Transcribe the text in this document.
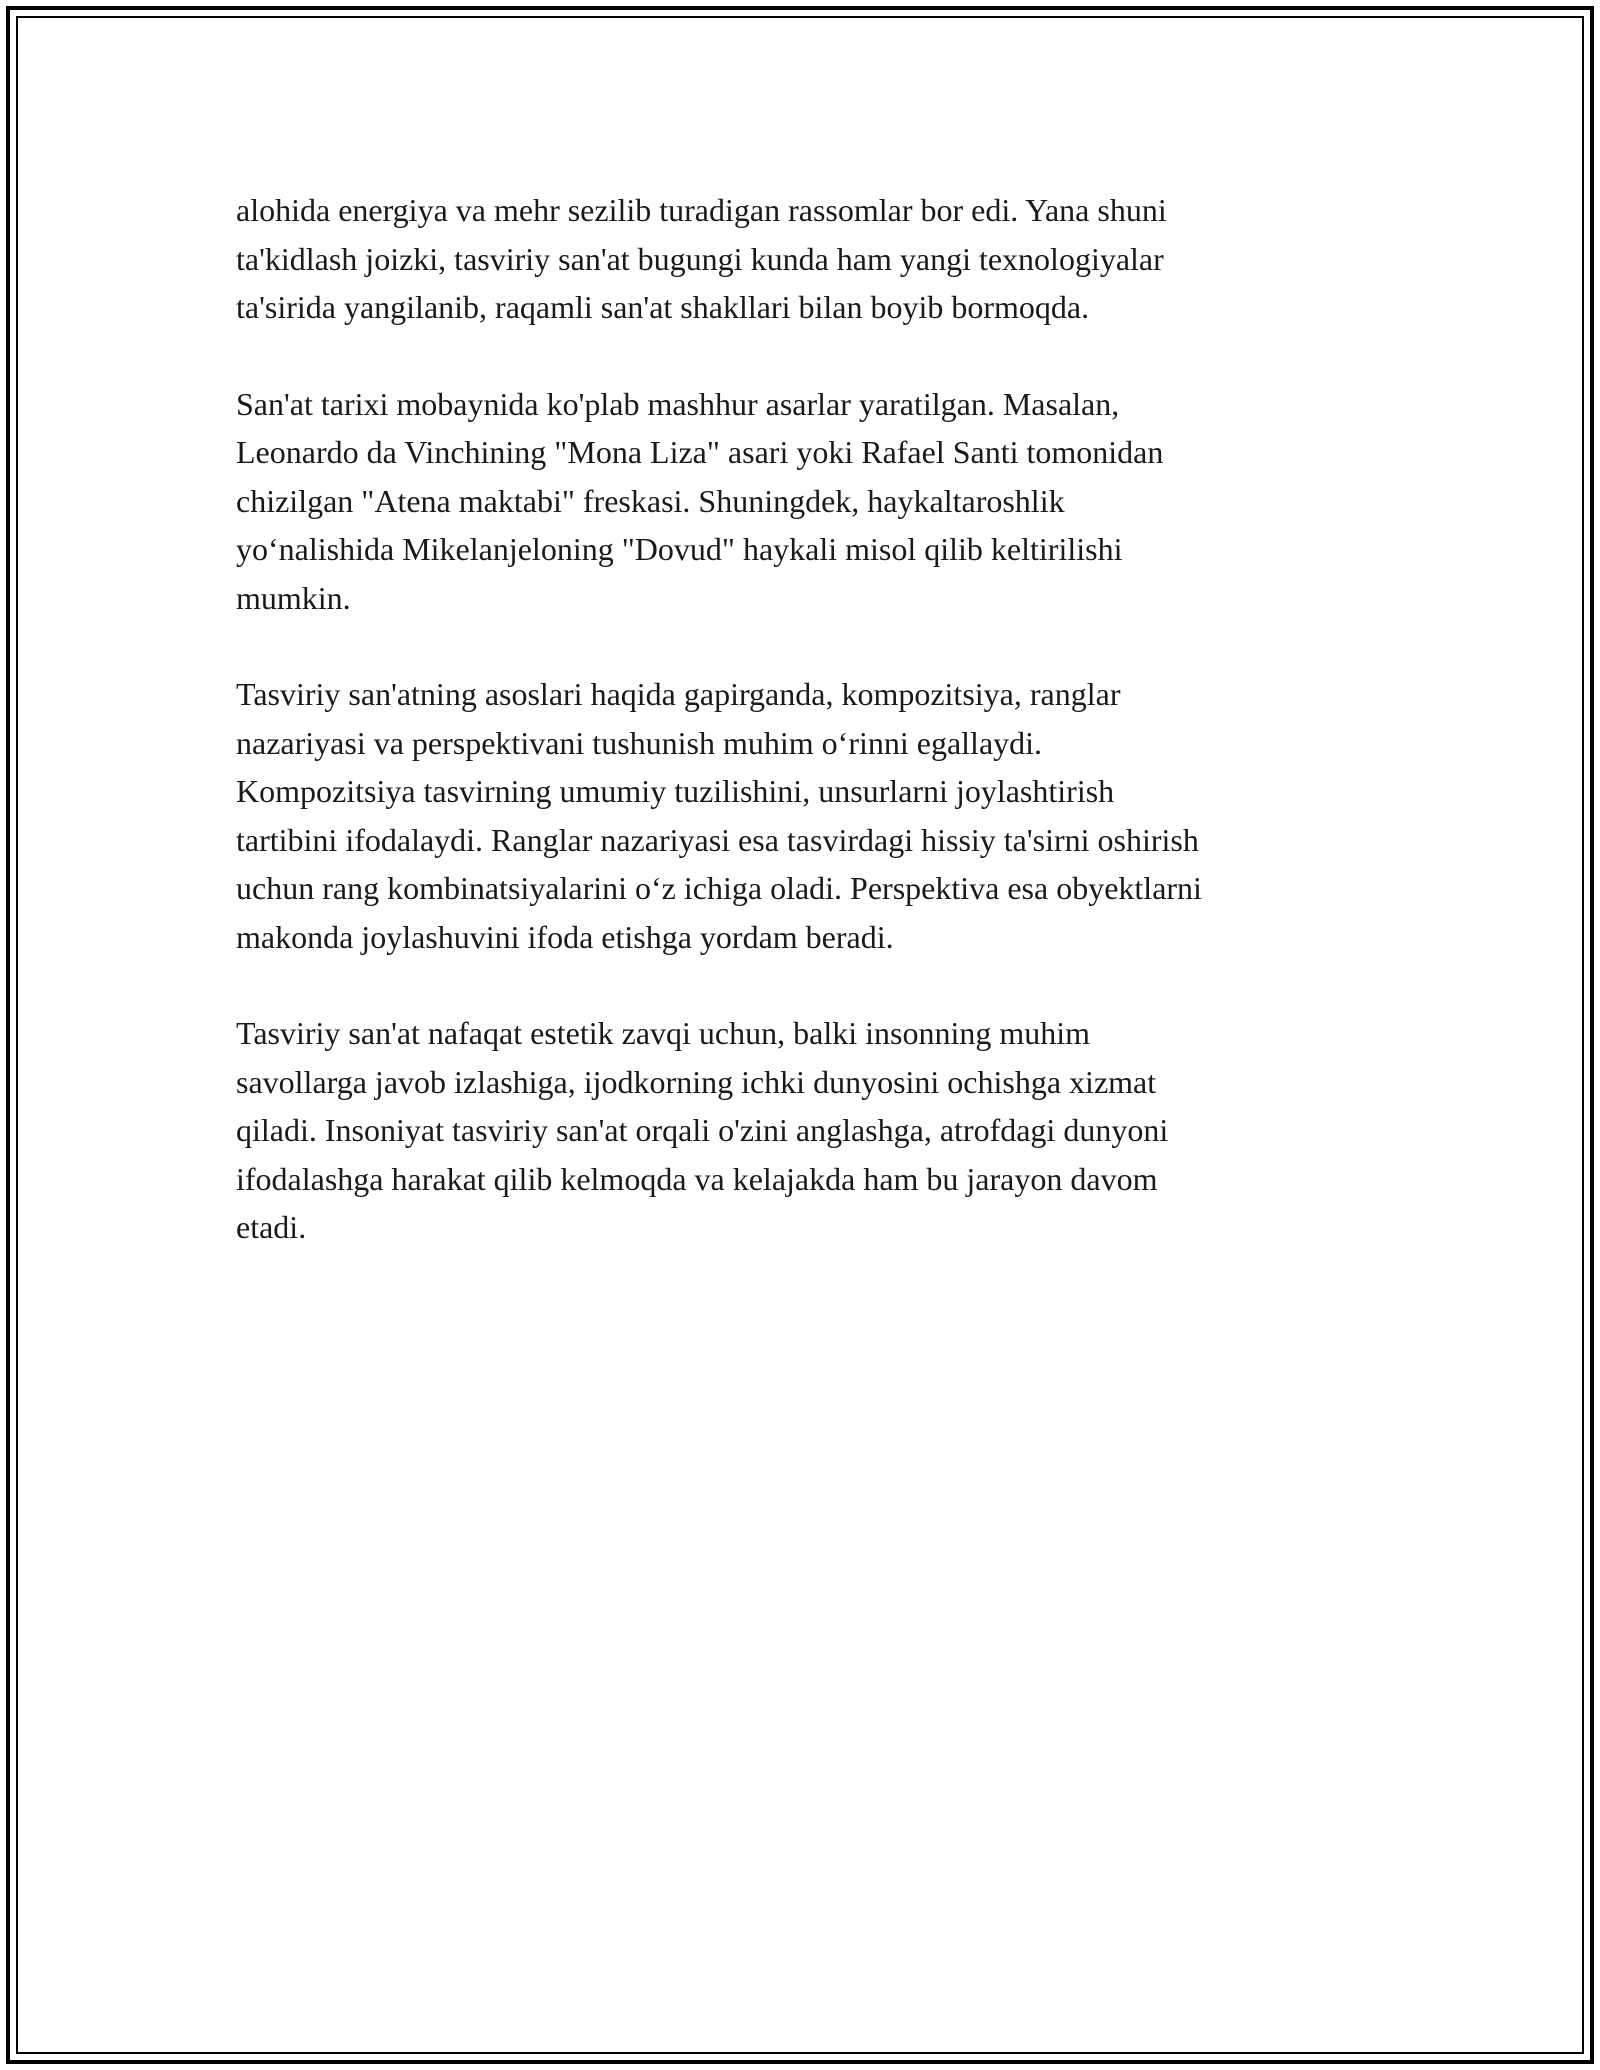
alohida energiya va mehr sezilib turadigan rassomlar bor edi. Yana shuni
ta'kidlash joizki, tasviriy san'at bugungi kunda ham yangi texnologiyalar
ta'sirida yangilanib, raqamli san'at shakllari bilan boyib bormoqda.

San'at tarixi mobaynida ko'plab mashhur asarlar yaratilgan. Masalan,
Leonardo da Vinchining "Mona Liza" asari yoki Rafael Santi tomonidan
chizilgan "Atena maktabi" freskasi. Shuningdek, haykaltaroshlik
yoʻnalishida Mikelanjeloning "Dovud" haykali misol qilib keltirilishi
mumkin.

Tasviriy san'atning asoslari haqida gapirganda, kompozitsiya, ranglar
nazariyasi va perspektivani tushunish muhim oʻrinni egallaydi.
Kompozitsiya tasvirning umumiy tuzilishini, unsurlarni joylashtirish
tartibini ifodalaydi. Ranglar nazariyasi esa tasvirdagi hissiy ta'sirni oshirish
uchun rang kombinatsiyalarini oʻz ichiga oladi. Perspektiva esa obyektlarni
makonda joylashuvini ifoda etishga yordam beradi.

Tasviriy san'at nafaqat estetik zavqi uchun, balki insonning muhim
savollarga javob izlashiga, ijodkorning ichki dunyosini ochishga xizmat
qiladi. Insoniyat tasviriy san'at orqali o'zini anglashga, atrofdagi dunyoni
ifodalashga harakat qilib kelmoqda va kelajakda ham bu jarayon davom
etadi.
